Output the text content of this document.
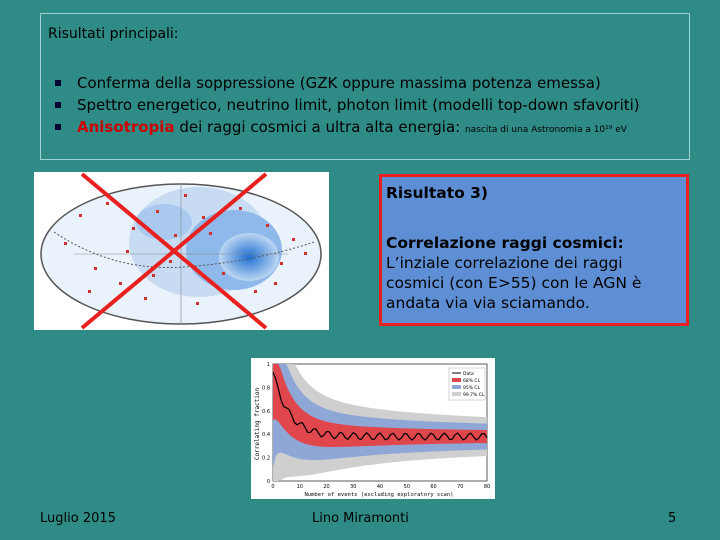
Risultati principali:
Conferma della soppressione (GZK oppure massima potenza emessa)
Spettro energetico, neutrino limit, photon limit (modelli top-down sfavoriti)
Anisotropia dei raggi cosmici a ultra alta energia: nascita di una Astronomia a 10¹⁹ eV
Risultato 3)
Correlazione raggi cosmici:
L’inziale correlazione dei raggi cosmici (con E>55) con le AGN è andata via via sciamando.
Correlating fraction
Number of events (excluding exploratory scan)
0	10	20	30	40	50	60	70	80
1
0.8
0.6
0.4
0.2
0
Data
68% CL
95% CL
99.7% CL
Luglio 2015	Lino Miramonti	5
